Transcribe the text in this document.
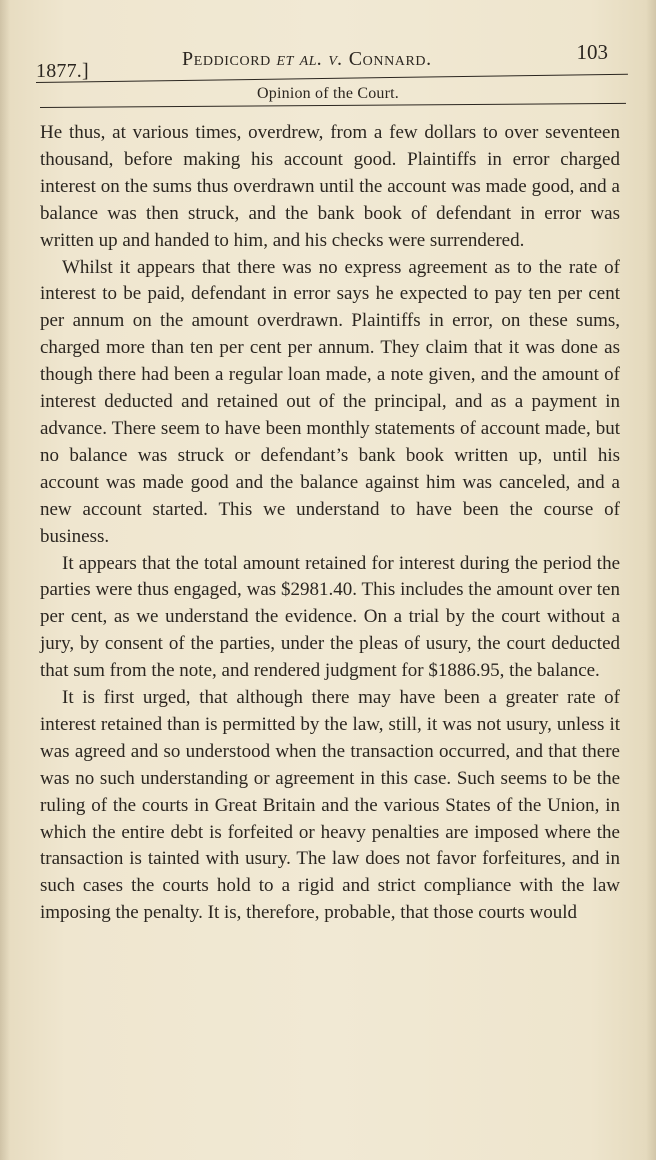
1877.]
Peddicord et al. v. Connard.	103
Opinion of the Court.

He thus, at various times, overdrew, from a few dollars to over seventeen thousand, before making his account good. Plaintiffs in error charged interest on the sums thus overdrawn until the account was made good, and a balance was then struck, and the bank book of defendant in error was written up and handed to him, and his checks were surrendered.

Whilst it appears that there was no express agreement as to the rate of interest to be paid, defendant in error says he expected to pay ten per cent per annum on the amount overdrawn. Plaintiffs in error, on these sums, charged more than ten per cent per annum. They claim that it was done as though there had been a regular loan made, a note given, and the amount of interest deducted and retained out of the principal, and as a payment in advance. There seem to have been monthly statements of account made, but no balance was struck or defendant’s bank book written up, until his account was made good and the balance against him was canceled, and a new account started. This we understand to have been the course of business.

It appears that the total amount retained for interest during the period the parties were thus engaged, was $2981.40. This includes the amount over ten per cent, as we understand the evidence. On a trial by the court without a jury, by consent of the parties, under the pleas of usury, the court deducted that sum from the note, and rendered judgment for $1886.95, the balance.

It is first urged, that although there may have been a greater rate of interest retained than is permitted by the law, still, it was not usury, unless it was agreed and so understood when the transaction occurred, and that there was no such understanding or agreement in this case. Such seems to be the ruling of the courts in Great Britain and the various States of the Union, in which the entire debt is forfeited or heavy penalties are imposed where the transaction is tainted with usury. The law does not favor forfeitures, and in such cases the courts hold to a rigid and strict compliance with the law imposing the penalty. It is, therefore, probable, that those courts would
